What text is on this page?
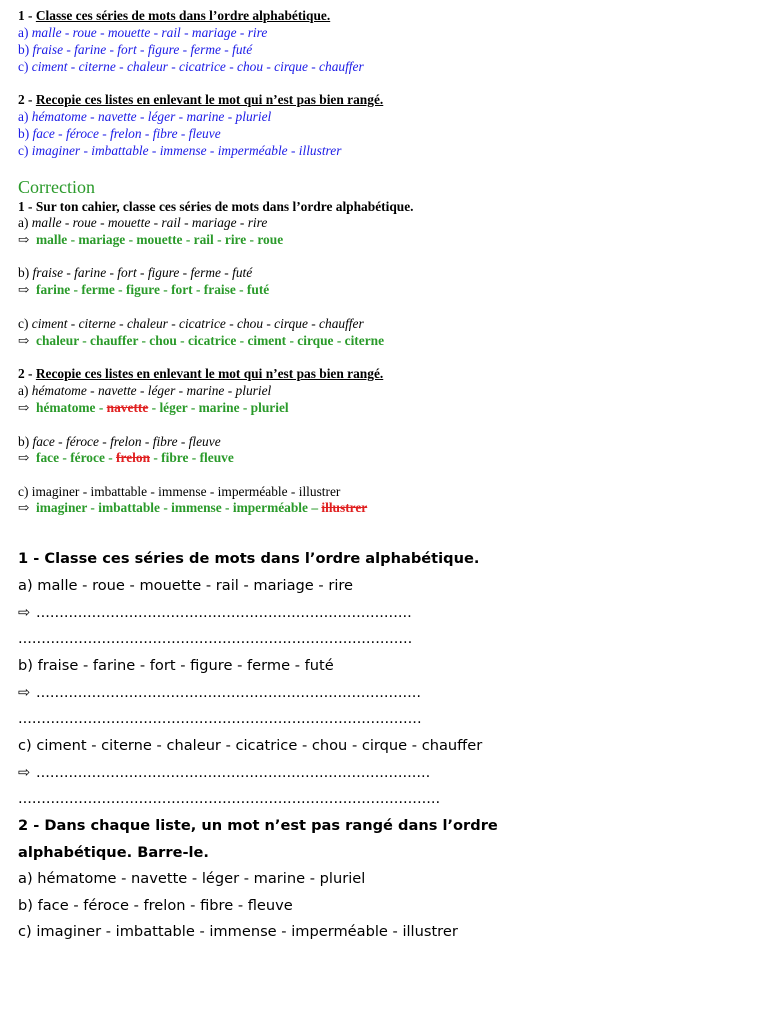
1 - Classe ces séries de mots dans l’ordre alphabétique.
a) malle - roue - mouette - rail - mariage - rire
b) fraise - farine - fort - figure - ferme - futé
c) ciment - citerne - chaleur - cicatrice - chou - cirque - chauffer
2 - Recopie ces listes en enlevant le mot qui n’est pas bien rangé.
a) hématome - navette - léger - marine - pluriel
b) face - féroce - frelon - fibre - fleuve
c) imaginer - imbattable - immense - imperméable - illustrer
Correction
1 - Sur ton cahier, classe ces séries de mots dans l’ordre alphabétique.
a) malle - roue - mouette - rail - mariage - rire
⇨ malle - mariage - mouette - rail - rire - roue
b) fraise - farine - fort - figure - ferme - futé
⇨ farine - ferme - figure - fort - fraise - futé
c) ciment - citerne - chaleur - cicatrice - chou - cirque - chauffer
⇨ chaleur - chauffer - chou - cicatrice - ciment - cirque - citerne
2 - Recopie ces listes en enlevant le mot qui n’est pas bien rangé.
a) hématome - navette - léger - marine - pluriel
⇨ hématome - navette - léger - marine - pluriel
b) face - féroce - frelon - fibre - fleuve
⇨ face - féroce - frelon - fibre - fleuve
c) imaginer - imbattable - immense - imperméable - illustrer
⇨ imaginer - imbattable - immense - imperméable – illustrer
1 - Classe ces séries de mots dans l’ordre alphabétique.
a) malle - roue - mouette - rail - mariage - rire
⇨ .................................................................................
.....................................................................................
b) fraise - farine - fort - figure - ferme - futé
⇨ ...................................................................................
.......................................................................................
c) ciment - citerne - chaleur - cicatrice - chou - cirque - chauffer
⇨ .....................................................................................
...........................................................................................
2 - Dans chaque liste, un mot n’est pas rangé dans l’ordre
alphabétique. Barre-le.
a) hématome - navette - léger - marine - pluriel
b) face - féroce - frelon - fibre - fleuve
c) imaginer - imbattable - immense - imperméable - illustrer
